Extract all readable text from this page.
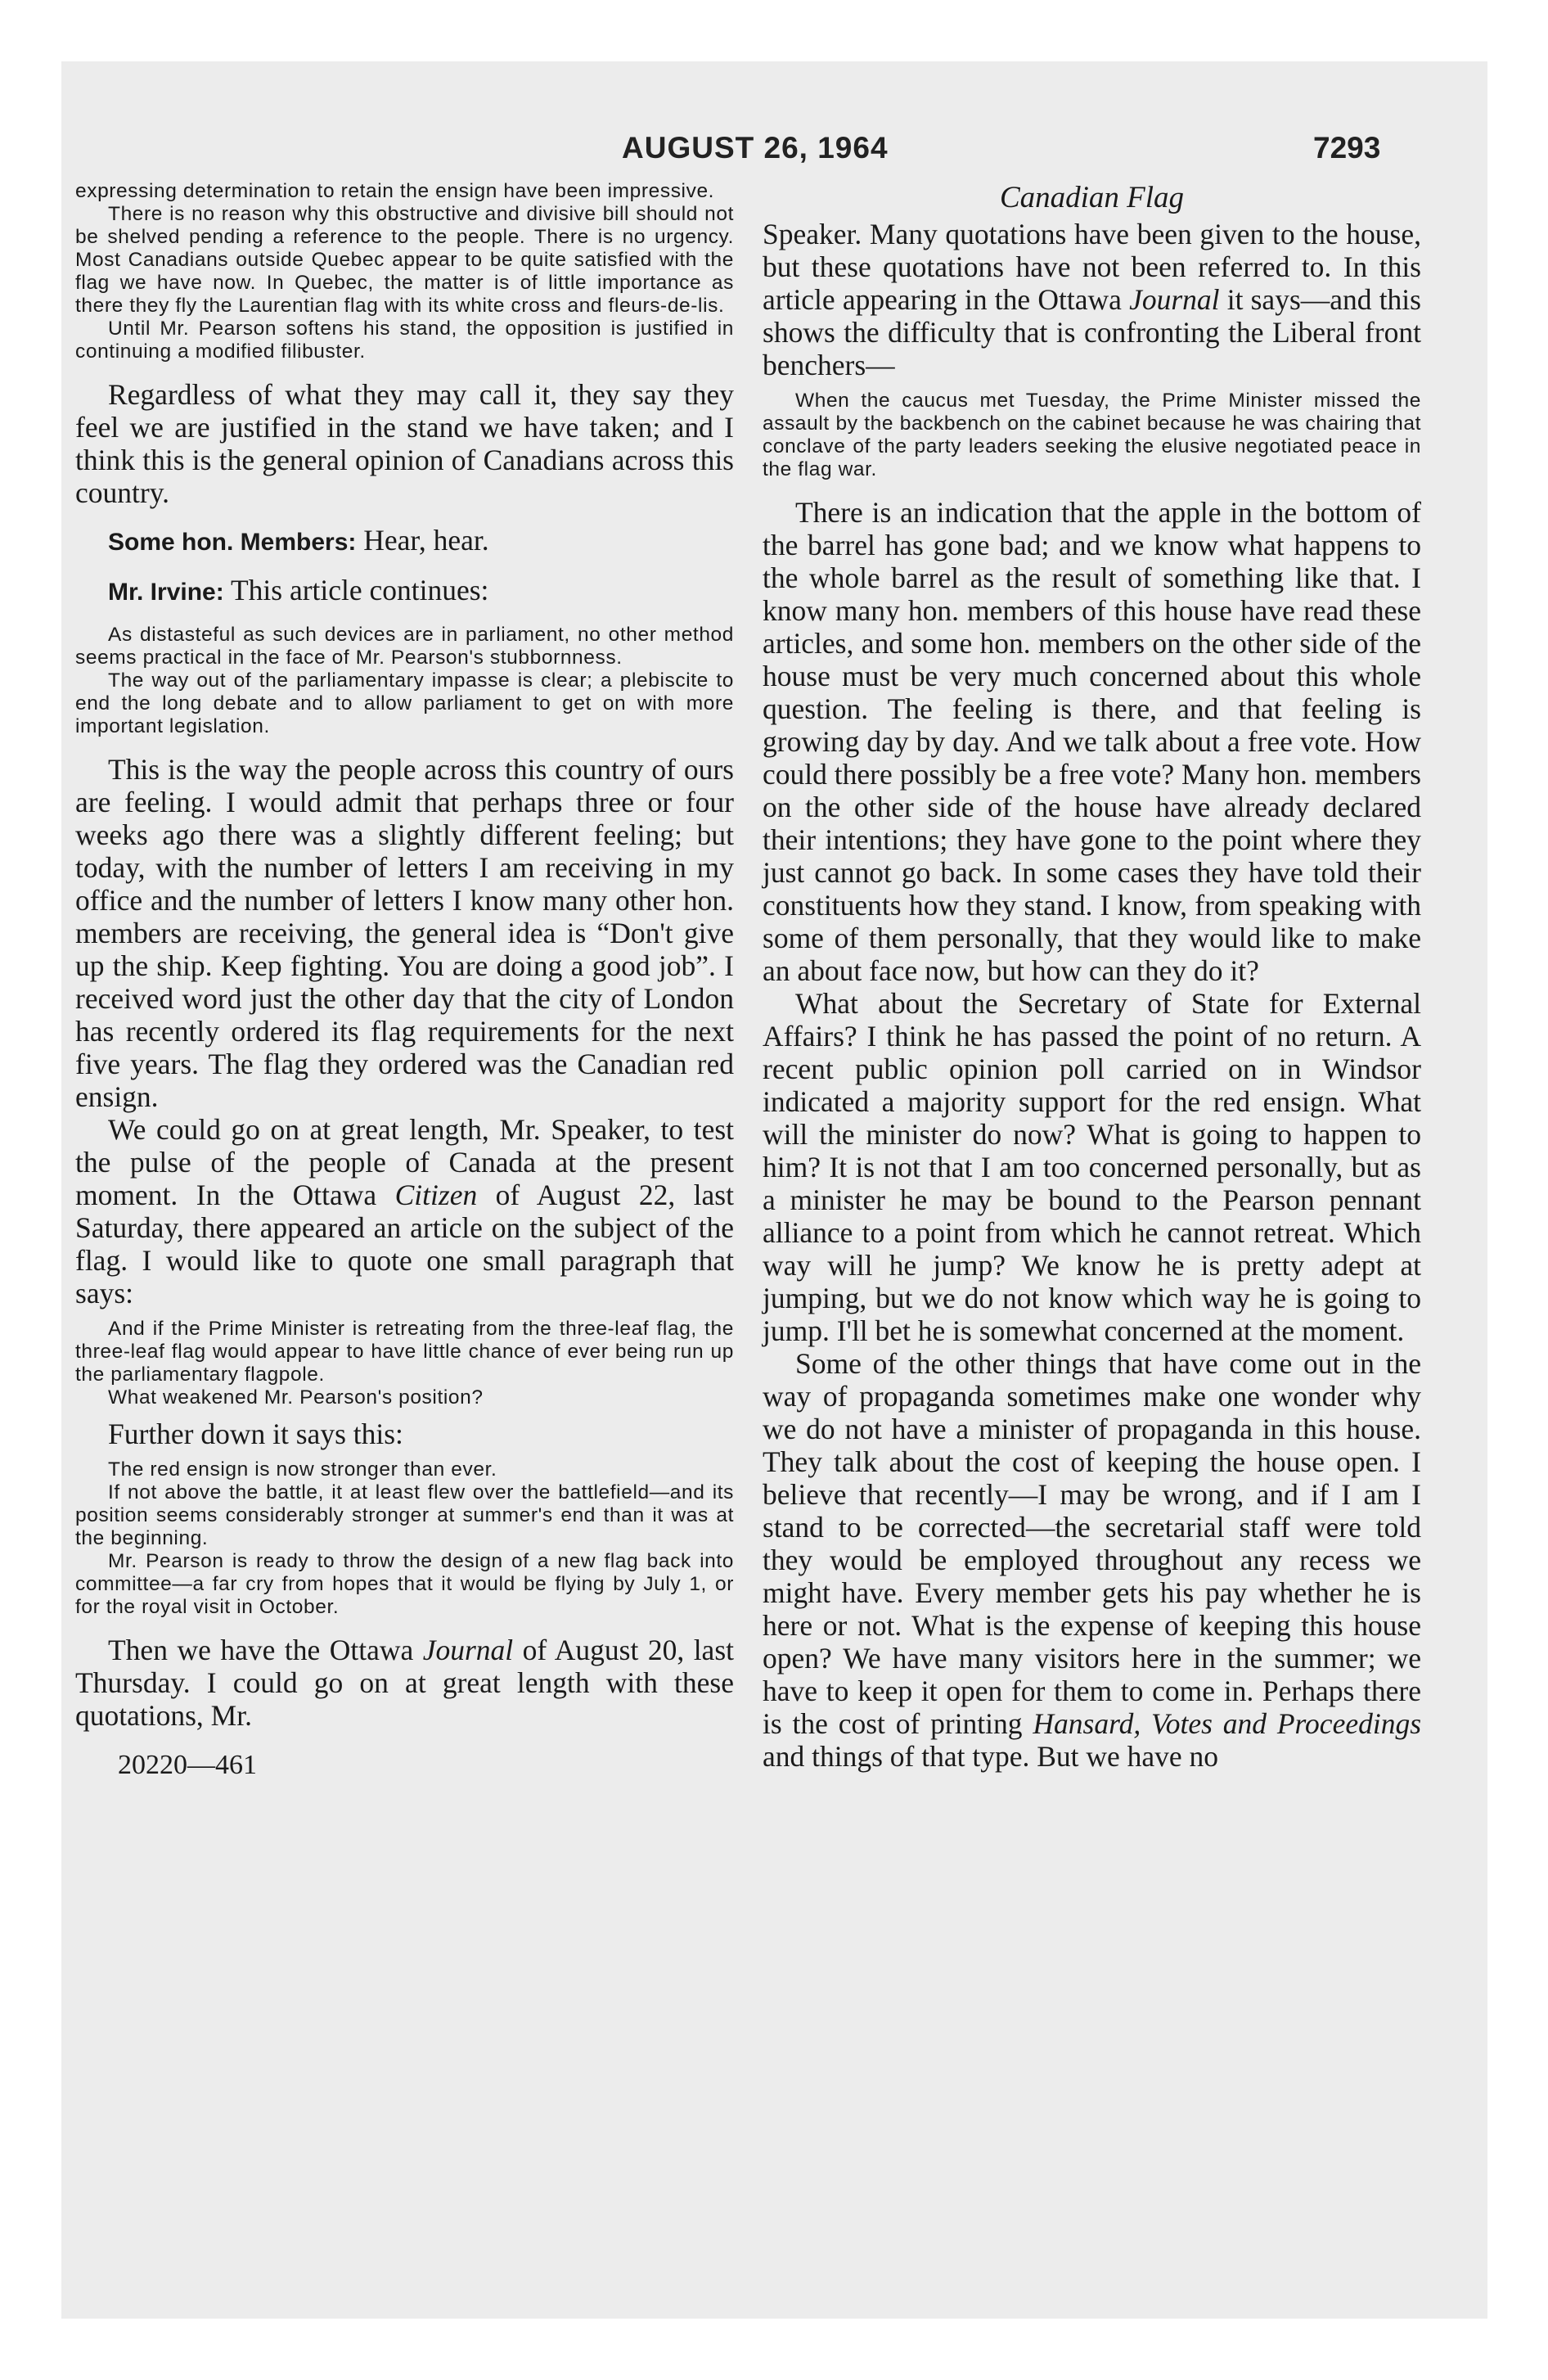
AUGUST 26, 1964	7293
expressing determination to retain the ensign have been impressive.
There is no reason why this obstructive and divisive bill should not be shelved pending a reference to the people. There is no urgency. Most Canadians outside Quebec appear to be quite satisfied with the flag we have now. In Quebec, the matter is of little importance as there they fly the Laurentian flag with its white cross and fleurs-de-lis.
Until Mr. Pearson softens his stand, the opposition is justified in continuing a modified filibuster.

Regardless of what they may call it, they say they feel we are justified in the stand we have taken; and I think this is the general opinion of Canadians across this country.

Some hon. Members: Hear, hear.

Mr. Irvine: This article continues:

As distasteful as such devices are in parliament, no other method seems practical in the face of Mr. Pearson's stubbornness.
The way out of the parliamentary impasse is clear; a plebiscite to end the long debate and to allow parliament to get on with more important legislation.

This is the way the people across this country of ours are feeling. I would admit that perhaps three or four weeks ago there was a slightly different feeling; but today, with the number of letters I am receiving in my office and the number of letters I know many other hon. members are receiving, the general idea is “Don't give up the ship. Keep fighting. You are doing a good job”. I received word just the other day that the city of London has recently ordered its flag requirements for the next five years. The flag they ordered was the Canadian red ensign.

We could go on at great length, Mr. Speaker, to test the pulse of the people of Canada at the present moment. In the Ottawa Citizen of August 22, last Saturday, there appeared an article on the subject of the flag. I would like to quote one small paragraph that says:

And if the Prime Minister is retreating from the three-leaf flag, the three-leaf flag would appear to have little chance of ever being run up the parliamentary flagpole.
What weakened Mr. Pearson's position?

Further down it says this:

The red ensign is now stronger than ever.
If not above the battle, it at least flew over the battlefield—and its position seems considerably stronger at summer's end than it was at the beginning.
Mr. Pearson is ready to throw the design of a new flag back into committee—a far cry from hopes that it would be flying by July 1, or for the royal visit in October.

Then we have the Ottawa Journal of August 20, last Thursday. I could go on at great length with these quotations, Mr.

20220—461
Canadian Flag

Speaker. Many quotations have been given to the house, but these quotations have not been referred to. In this article appearing in the Ottawa Journal it says—and this shows the difficulty that is confronting the Liberal front benchers—

When the caucus met Tuesday, the Prime Minister missed the assault by the backbench on the cabinet because he was chairing that conclave of the party leaders seeking the elusive negotiated peace in the flag war.

There is an indication that the apple in the bottom of the barrel has gone bad; and we know what happens to the whole barrel as the result of something like that. I know many hon. members of this house have read these articles, and some hon. members on the other side of the house must be very much concerned about this whole question. The feeling is there, and that feeling is growing day by day. And we talk about a free vote. How could there possibly be a free vote? Many hon. members on the other side of the house have already declared their intentions; they have gone to the point where they just cannot go back. In some cases they have told their constituents how they stand. I know, from speaking with some of them personally, that they would like to make an about face now, but how can they do it?

What about the Secretary of State for External Affairs? I think he has passed the point of no return. A recent public opinion poll carried on in Windsor indicated a majority support for the red ensign. What will the minister do now? What is going to happen to him? It is not that I am too concerned personally, but as a minister he may be bound to the Pearson pennant alliance to a point from which he cannot retreat. Which way will he jump? We know he is pretty adept at jumping, but we do not know which way he is going to jump. I'll bet he is somewhat concerned at the moment.

Some of the other things that have come out in the way of propaganda sometimes make one wonder why we do not have a minister of propaganda in this house. They talk about the cost of keeping the house open. I believe that recently—I may be wrong, and if I am I stand to be corrected—the secretarial staff were told they would be employed throughout any recess we might have. Every member gets his pay whether he is here or not. What is the expense of keeping this house open? We have many visitors here in the summer; we have to keep it open for them to come in. Perhaps there is the cost of printing Hansard, Votes and Proceedings and things of that type. But we have no
